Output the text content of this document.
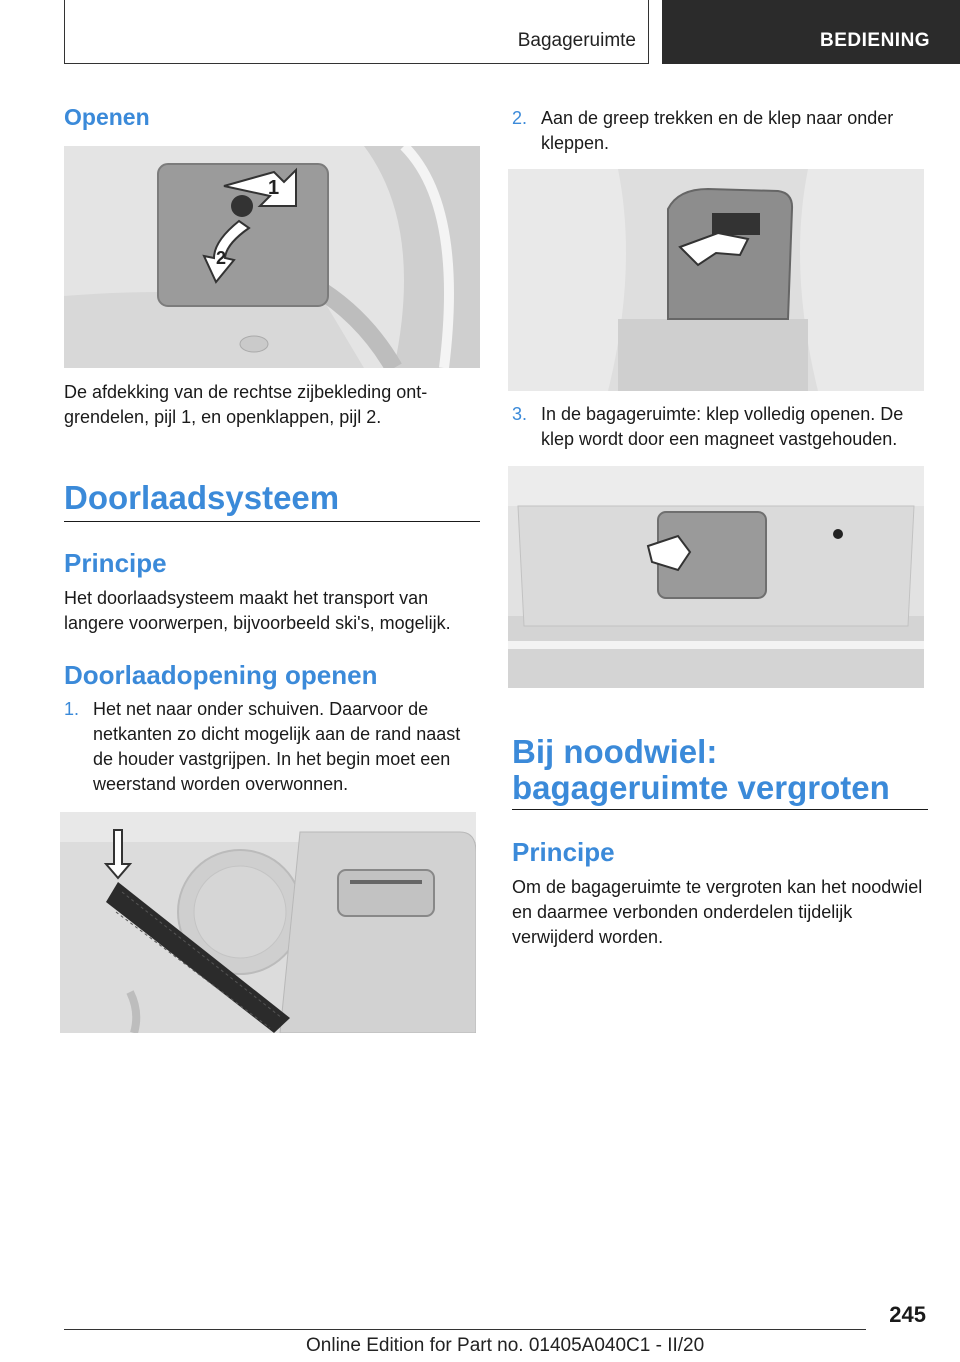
Bagageruimte	BEDIENING
Openen
1
2
De afdekking van de rechtse zijbekleding ontgrendelen, pijl 1, en openklappen, pijl 2.
Doorlaadsysteem
Principe
Het doorlaadsysteem maakt het transport van langere voorwerpen, bijvoorbeeld ski's, mogelijk.
Doorlaadopening openen
1. Het net naar onder schuiven. Daarvoor de netkanten zo dicht mogelijk aan de rand naast de houder vastgrijpen. In het begin moet een weerstand worden overwonnen.
2. Aan de greep trekken en de klep naar onder kleppen.
3. In de bagageruimte: klep volledig openen. De klep wordt door een magneet vastgehouden.
Bij noodwiel: bagageruimte vergroten
Principe
Om de bagageruimte te vergroten kan het noodwiel en daarmee verbonden onderdelen tijdelijk verwijderd worden.
245
Online Edition for Part no. 01405A040C1 - II/20
